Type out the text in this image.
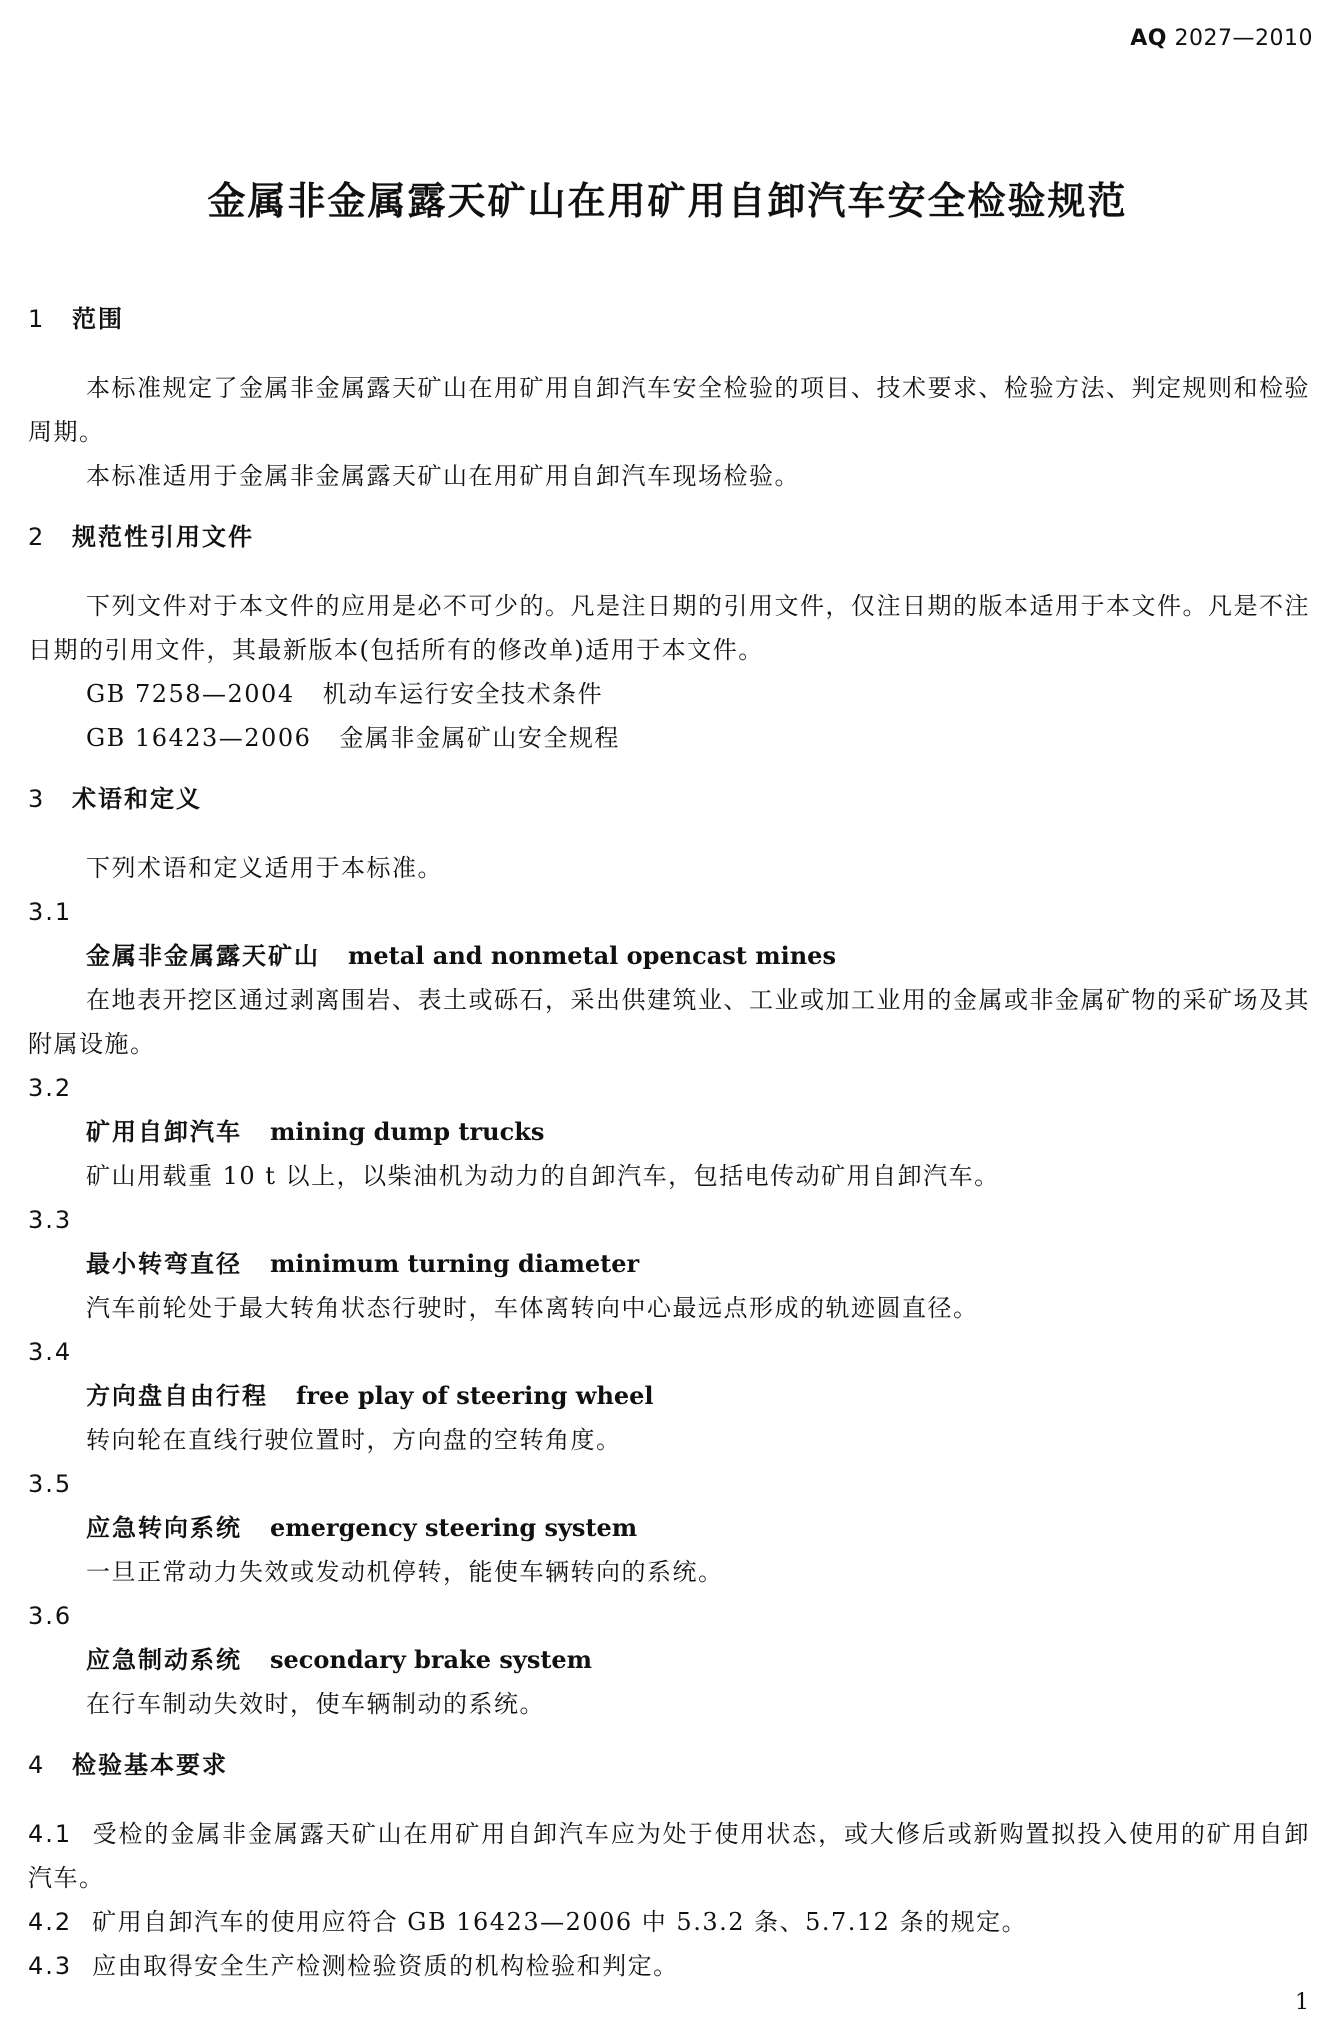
AQ 2027—2010
金属非金属露天矿山在用矿用自卸汽车安全检验规范
1 范围

本标准规定了金属非金属露天矿山在用矿用自卸汽车安全检验的项目、技术要求、检验方法、判定规则和检验周期。

本标准适用于金属非金属露天矿山在用矿用自卸汽车现场检验。

2 规范性引用文件

下列文件对于本文件的应用是必不可少的。凡是注日期的引用文件，仅注日期的版本适用于本文件。凡是不注日期的引用文件，其最新版本(包括所有的修改单)适用于本文件。

GB 7258—2004 机动车运行安全技术条件

GB 16423—2006 金属非金属矿山安全规程

3 术语和定义

下列术语和定义适用于本标准。

3.1

金属非金属露天矿山 metal and nonmetal opencast mines

在地表开挖区通过剥离围岩、表土或砾石，采出供建筑业、工业或加工业用的金属或非金属矿物的采矿场及其附属设施。

3.2

矿用自卸汽车 mining dump trucks

矿山用载重 10 t 以上，以柴油机为动力的自卸汽车，包括电传动矿用自卸汽车。

3.3

最小转弯直径 minimum turning diameter

汽车前轮处于最大转角状态行驶时，车体离转向中心最远点形成的轨迹圆直径。

3.4

方向盘自由行程 free play of steering wheel

转向轮在直线行驶位置时，方向盘的空转角度。

3.5

应急转向系统 emergency steering system

一旦正常动力失效或发动机停转，能使车辆转向的系统。

3.6

应急制动系统 secondary brake system

在行车制动失效时，使车辆制动的系统。

4 检验基本要求

4.1 受检的金属非金属露天矿山在用矿用自卸汽车应为处于使用状态，或大修后或新购置拟投入使用的矿用自卸汽车。

4.2 矿用自卸汽车的使用应符合 GB 16423—2006 中 5.3.2 条、5.7.12 条的规定。

4.3 应由取得安全生产检测检验资质的机构检验和判定。

1
